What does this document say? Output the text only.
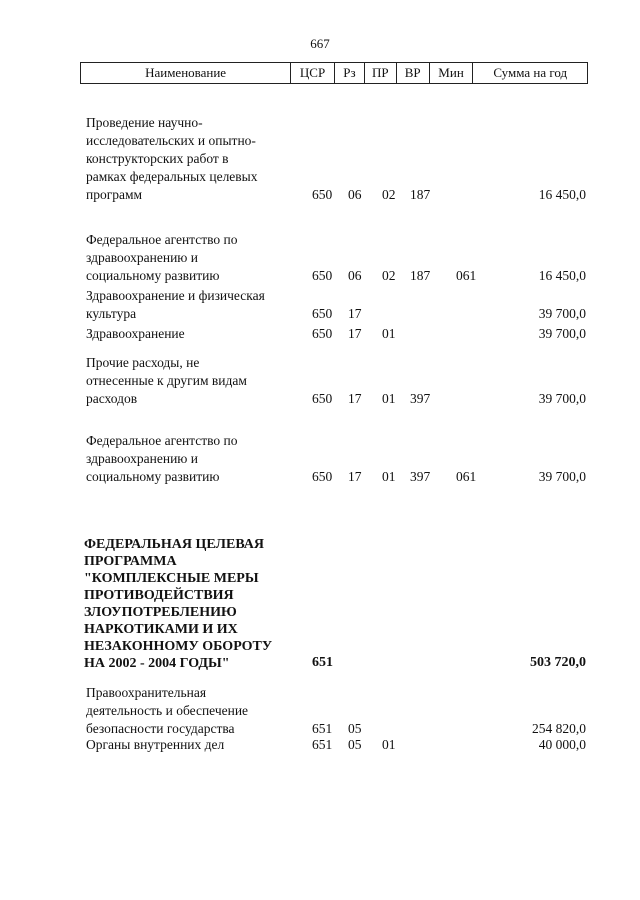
667
Наименование	ЦСР	Рз	ПР	ВР	Мин	Сумма на год
Проведение научно-
исследовательских и опытно-
конструкторских работ в
рамках федеральных целевых
программ	650 06 02 187	16 450,0
Федеральное агентство по
здравоохранению и
социальному развитию	650 06 02 187 061	16 450,0
Здравоохранение и физическая
культура	650 17	39 700,0
Здравоохранение	650 17 01	39 700,0
Прочие расходы, не
отнесенные к другим видам
расходов	650 17 01 397	39 700,0
Федеральное агентство по
здравоохранению и
социальному развитию	650 17 01 397 061	39 700,0
ФЕДЕРАЛЬНАЯ ЦЕЛЕВАЯ
ПРОГРАММА
"КОМПЛЕКСНЫЕ МЕРЫ
ПРОТИВОДЕЙСТВИЯ
ЗЛОУПОТРЕБЛЕНИЮ
НАРКОТИКАМИ И ИХ
НЕЗАКОННОМУ ОБОРОТУ
НА 2002 - 2004 ГОДЫ"	651	503 720,0
Правоохранительная
деятельность и обеспечение
безопасности государства	651 05	254 820,0
Органы внутренних дел	651 05 01	40 000,0
